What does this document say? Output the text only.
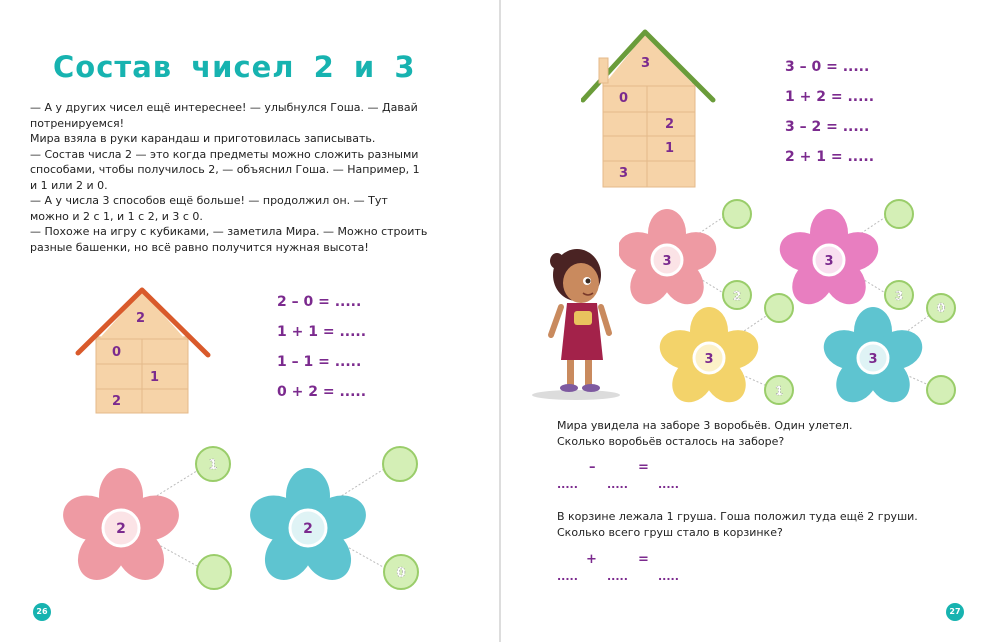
Состав чисел 2 и 3

— А у других чисел ещё интереснее! — улыбнулся Гоша. — Давай потренируемся!

Мира взяла в руки карандаш и приготовилась записывать.

— Состав числа 2 — это когда предметы можно сложить разными способами, чтобы получилось 2, — объяснил Гоша. — Например, 1 и 1 или 2 и 0.

— А у числа 3 способов ещё больше! — продолжил он. — Тут можно и 2 с 1, и 1 с 2, и 3 с 0.

— Похоже на игру с кубиками, — заметила Мира. — Можно строить разные башенки, но всё равно получится нужная высота!

2
0
1
2
2 – 0 = .....
1 + 1 = .....
1 – 1 = .....
0 + 2 = .....
2
1
2
0
26
3
0
2
1
3
3 – 0 = .....
1 + 2 = .....
3 – 2 = .....
2 + 1 = .....
3
2
3
3
3
1
3
0

Мира увидела на заборе 3 воробьёв. Один улетел.

Сколько воробьёв осталось на заборе?

–	=
.....	.....	.....

В корзине лежала 1 груша. Гоша положил туда ещё 2 груши.

Сколько всего груш стало в корзинке?

+	=
.....	.....	.....
27
